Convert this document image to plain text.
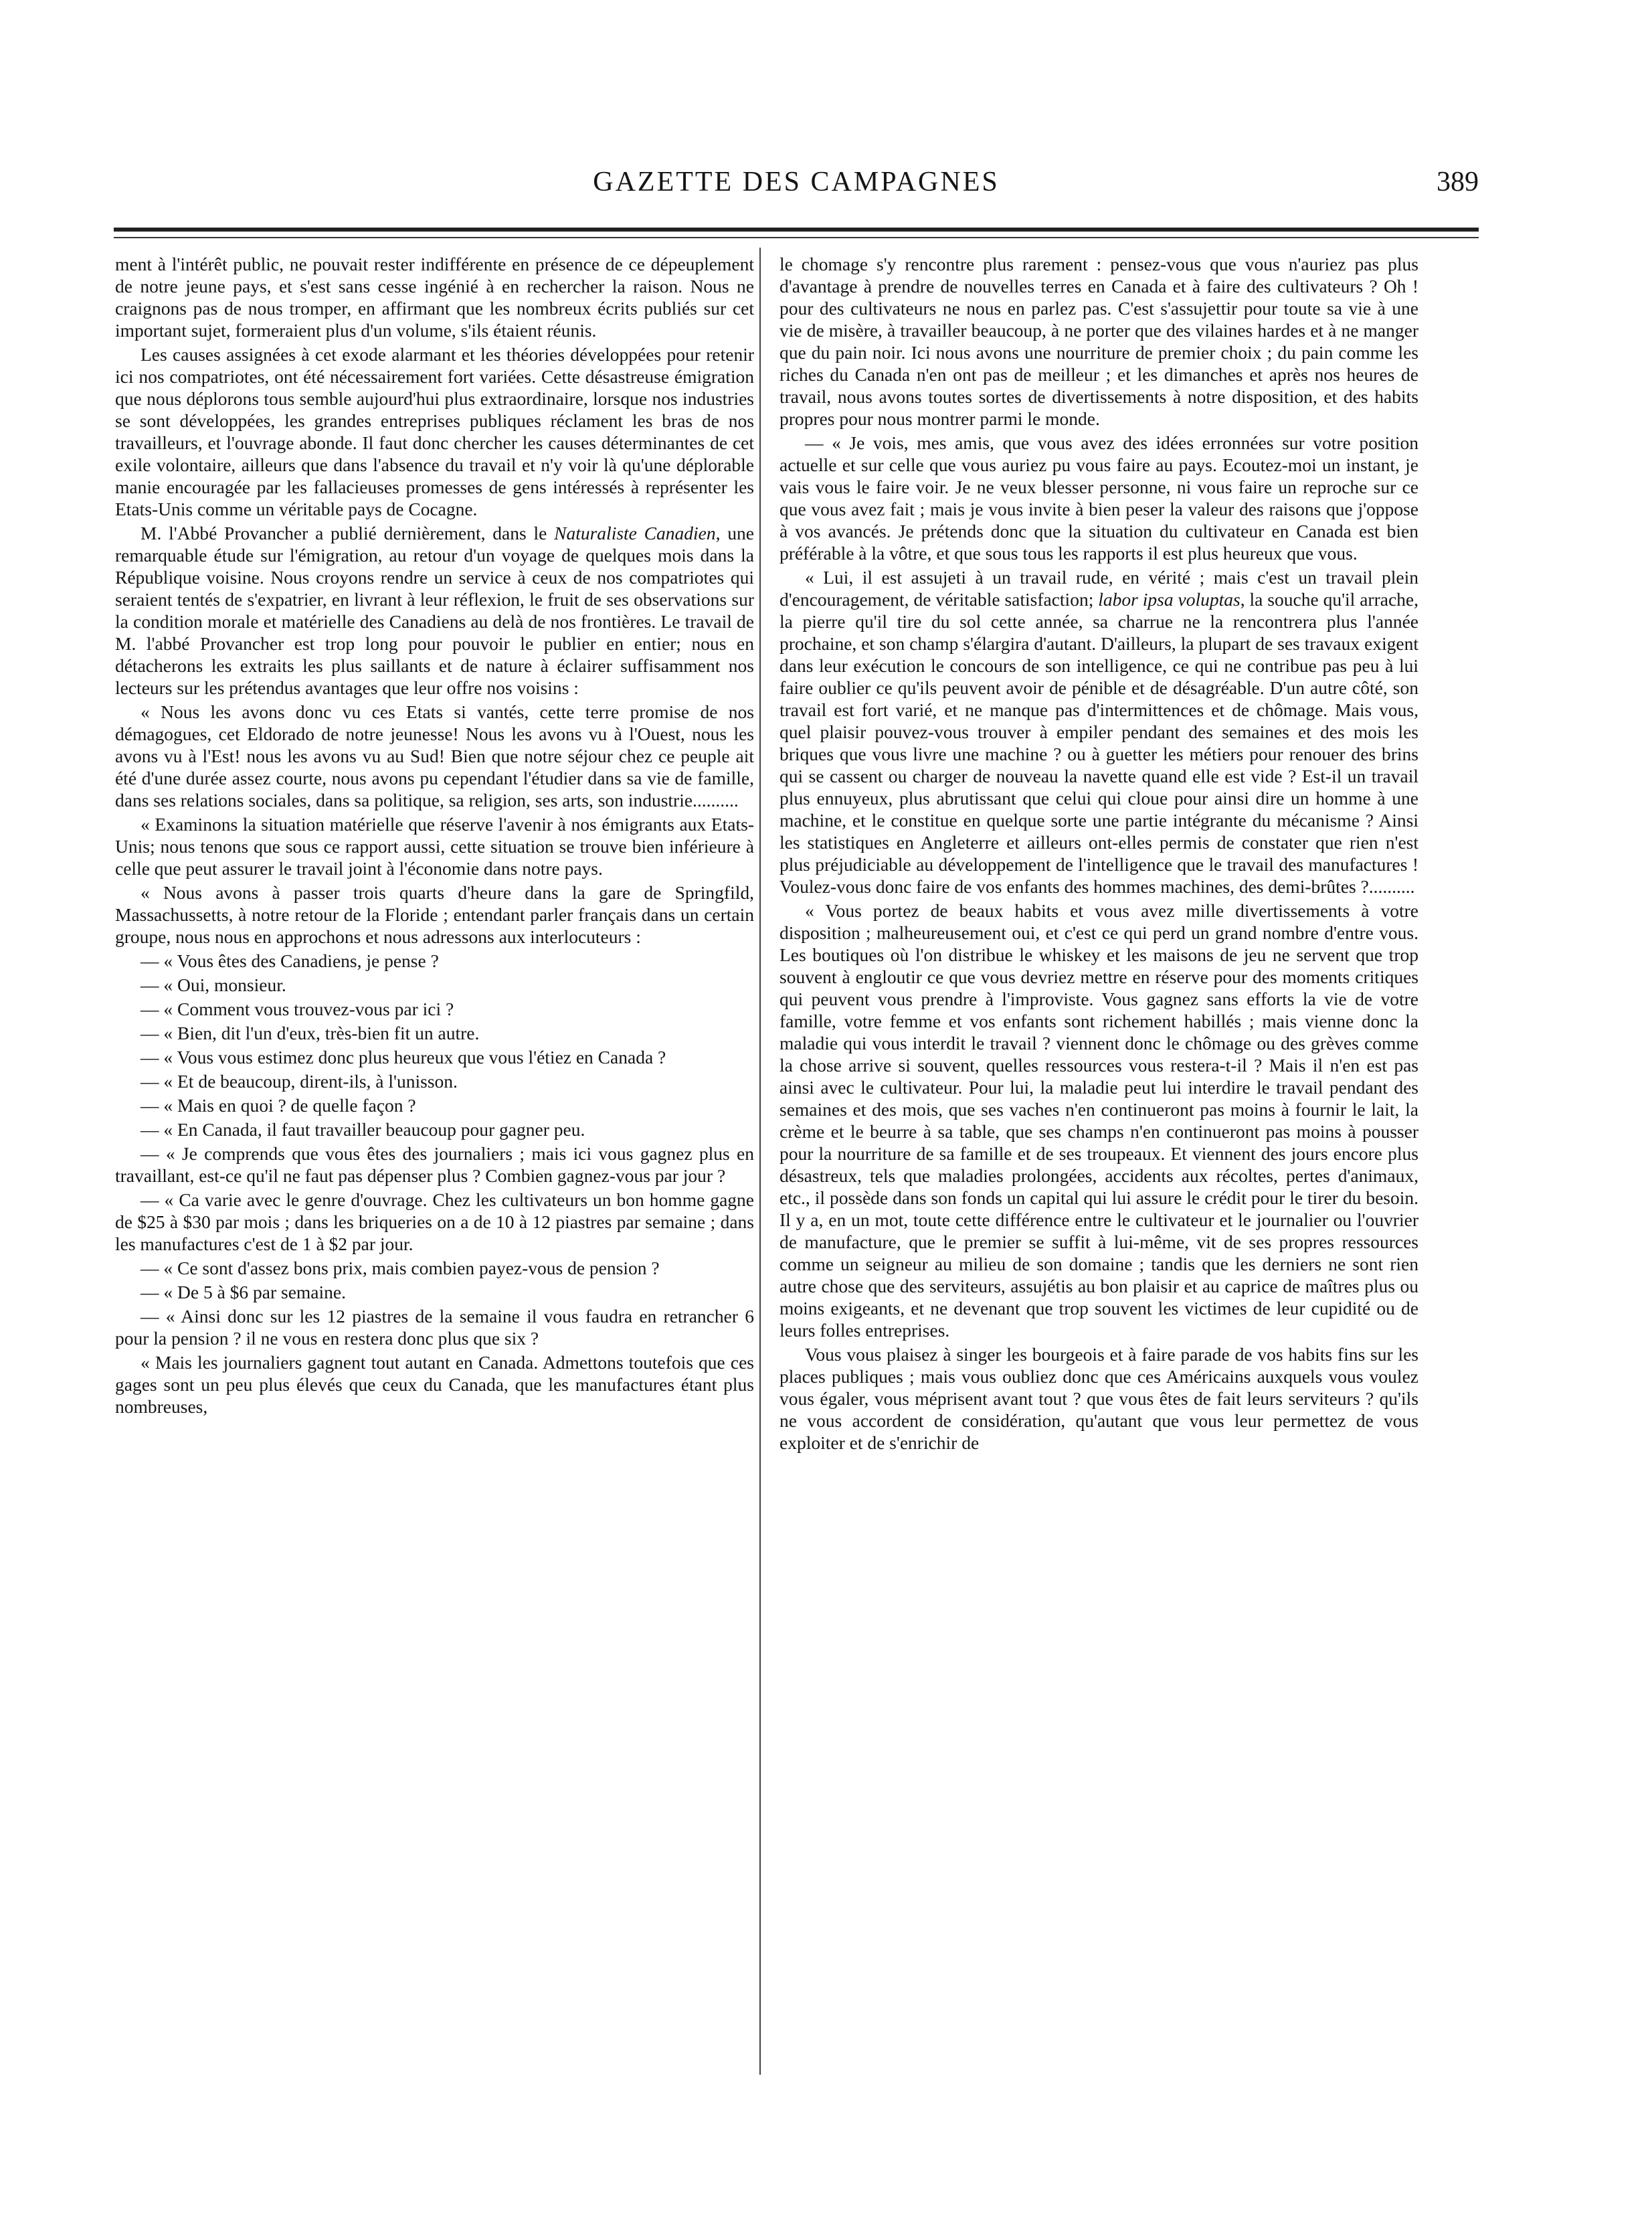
GAZETTE DES CAMPAGNES	389

ment à l'intérêt public, ne pouvait rester indifférente en présence de ce dépeuplement de notre jeune pays, et s'est sans cesse ingénié à en rechercher la raison. Nous ne craignons pas de nous tromper, en affirmant que les nombreux écrits publiés sur cet important sujet, formeraient plus d'un volume, s'ils étaient réunis.

Les causes assignées à cet exode alarmant et les théories développées pour retenir ici nos compatriotes, ont été nécessairement fort variées. Cette désastreuse émigration que nous déplorons tous semble aujourd'hui plus extraordinaire, lorsque nos industries se sont développées, les grandes entreprises publiques réclament les bras de nos travailleurs, et l'ouvrage abonde. Il faut donc chercher les causes déterminantes de cet exile volontaire, ailleurs que dans l'absence du travail et n'y voir là qu'une déplorable manie encouragée par les fallacieuses promesses de gens intéressés à représenter les Etats-Unis comme un véritable pays de Cocagne.

M. l'Abbé Provancher a publié dernièrement, dans le Naturaliste Canadien, une remarquable étude sur l'émigration, au retour d'un voyage de quelques mois dans la République voisine. Nous croyons rendre un service à ceux de nos compatriotes qui seraient tentés de s'expatrier, en livrant à leur réflexion, le fruit de ses observations sur la condition morale et matérielle des Canadiens au delà de nos frontières. Le travail de M. l'abbé Provancher est trop long pour pouvoir le publier en entier; nous en détacherons les extraits les plus saillants et de nature à éclairer suffisamment nos lecteurs sur les prétendus avantages que leur offre nos voisins :

« Nous les avons donc vu ces Etats si vantés, cette terre promise de nos démagogues, cet Eldorado de notre jeunesse! Nous les avons vu à l'Ouest, nous les avons vu à l'Est! nous les avons vu au Sud! Bien que notre séjour chez ce peuple ait été d'une durée assez courte, nous avons pu cependant l'étudier dans sa vie de famille, dans ses relations sociales, dans sa politique, sa religion, ses arts, son industrie..........

« Examinons la situation matérielle que réserve l'avenir à nos émigrants aux Etats-Unis; nous tenons que sous ce rapport aussi, cette situation se trouve bien inférieure à celle que peut assurer le travail joint à l'économie dans notre pays.

« Nous avons à passer trois quarts d'heure dans la gare de Springfild, Massachussetts, à notre retour de la Floride ; entendant parler français dans un certain groupe, nous nous en approchons et nous adressons aux interlocuteurs :

— « Vous êtes des Canadiens, je pense ?

— « Oui, monsieur.

— « Comment vous trouvez-vous par ici ?

— « Bien, dit l'un d'eux, très-bien fit un autre.

— « Vous vous estimez donc plus heureux que vous l'étiez en Canada ?

— « Et de beaucoup, dirent-ils, à l'unisson.

— « Mais en quoi ? de quelle façon ?

— « En Canada, il faut travailler beaucoup pour gagner peu.

— « Je comprends que vous êtes des journaliers ; mais ici vous gagnez plus en travaillant, est-ce qu'il ne faut pas dépenser plus ? Combien gagnez-vous par jour ?

— « Ca varie avec le genre d'ouvrage. Chez les cultivateurs un bon homme gagne de $25 à $30 par mois ; dans les briqueries on a de 10 à 12 piastres par semaine ; dans les manufactures c'est de 1 à $2 par jour.

— « Ce sont d'assez bons prix, mais combien payez-vous de pension ?

— « De 5 à $6 par semaine.

— « Ainsi donc sur les 12 piastres de la semaine il vous faudra en retrancher 6 pour la pension ? il ne vous en restera donc plus que six ?

« Mais les journaliers gagnent tout autant en Canada. Admettons toutefois que ces gages sont un peu plus élevés que ceux du Canada, que les manufactures étant plus nombreuses,

le chomage s'y rencontre plus rarement : pensez-vous que vous n'auriez pas plus d'avantage à prendre de nouvelles terres en Canada et à faire des cultivateurs ? Oh ! pour des cultivateurs ne nous en parlez pas. C'est s'assujettir pour toute sa vie à une vie de misère, à travailler beaucoup, à ne porter que des vilaines hardes et à ne manger que du pain noir. Ici nous avons une nourriture de premier choix ; du pain comme les riches du Canada n'en ont pas de meilleur ; et les dimanches et après nos heures de travail, nous avons toutes sortes de divertissements à notre disposition, et des habits propres pour nous montrer parmi le monde.

— « Je vois, mes amis, que vous avez des idées erronnées sur votre position actuelle et sur celle que vous auriez pu vous faire au pays. Ecoutez-moi un instant, je vais vous le faire voir. Je ne veux blesser personne, ni vous faire un reproche sur ce que vous avez fait ; mais je vous invite à bien peser la valeur des raisons que j'oppose à vos avancés. Je prétends donc que la situation du cultivateur en Canada est bien préférable à la vôtre, et que sous tous les rapports il est plus heureux que vous.

« Lui, il est assujeti à un travail rude, en vérité ; mais c'est un travail plein d'encouragement, de véritable satisfaction; labor ipsa voluptas, la souche qu'il arrache, la pierre qu'il tire du sol cette année, sa charrue ne la rencontrera plus l'année prochaine, et son champ s'élargira d'autant. D'ailleurs, la plupart de ses travaux exigent dans leur exécution le concours de son intelligence, ce qui ne contribue pas peu à lui faire oublier ce qu'ils peuvent avoir de pénible et de désagréable. D'un autre côté, son travail est fort varié, et ne manque pas d'intermittences et de chômage. Mais vous, quel plaisir pouvez-vous trouver à empiler pendant des semaines et des mois les briques que vous livre une machine ? ou à guetter les métiers pour renouer des brins qui se cassent ou charger de nouveau la navette quand elle est vide ? Est-il un travail plus ennuyeux, plus abrutissant que celui qui cloue pour ainsi dire un homme à une machine, et le constitue en quelque sorte une partie intégrante du mécanisme ? Ainsi les statistiques en Angleterre et ailleurs ont-elles permis de constater que rien n'est plus préjudiciable au développement de l'intelligence que le travail des manufactures ! Voulez-vous donc faire de vos enfants des hommes machines, des demi-brûtes ?..........

« Vous portez de beaux habits et vous avez mille divertissements à votre disposition ; malheureusement oui, et c'est ce qui perd un grand nombre d'entre vous. Les boutiques où l'on distribue le whiskey et les maisons de jeu ne servent que trop souvent à engloutir ce que vous devriez mettre en réserve pour des moments critiques qui peuvent vous prendre à l'improviste. Vous gagnez sans efforts la vie de votre famille, votre femme et vos enfants sont richement habillés ; mais vienne donc la maladie qui vous interdit le travail ? viennent donc le chômage ou des grèves comme la chose arrive si souvent, quelles ressources vous restera-t-il ? Mais il n'en est pas ainsi avec le cultivateur. Pour lui, la maladie peut lui interdire le travail pendant des semaines et des mois, que ses vaches n'en continueront pas moins à fournir le lait, la crème et le beurre à sa table, que ses champs n'en continueront pas moins à pousser pour la nourriture de sa famille et de ses troupeaux. Et viennent des jours encore plus désastreux, tels que maladies prolongées, accidents aux récoltes, pertes d'animaux, etc., il possède dans son fonds un capital qui lui assure le crédit pour le tirer du besoin. Il y a, en un mot, toute cette différence entre le cultivateur et le journalier ou l'ouvrier de manufacture, que le premier se suffit à lui-même, vit de ses propres ressources comme un seigneur au milieu de son domaine ; tandis que les derniers ne sont rien autre chose que des serviteurs, assujétis au bon plaisir et au caprice de maîtres plus ou moins exigeants, et ne devenant que trop souvent les victimes de leur cupidité ou de leurs folles entreprises.

Vous vous plaisez à singer les bourgeois et à faire parade de vos habits fins sur les places publiques ; mais vous oubliez donc que ces Américains auxquels vous voulez vous égaler, vous méprisent avant tout ? que vous êtes de fait leurs serviteurs ? qu'ils ne vous accordent de considération, qu'autant que vous leur permettez de vous exploiter et de s'enrichir de
